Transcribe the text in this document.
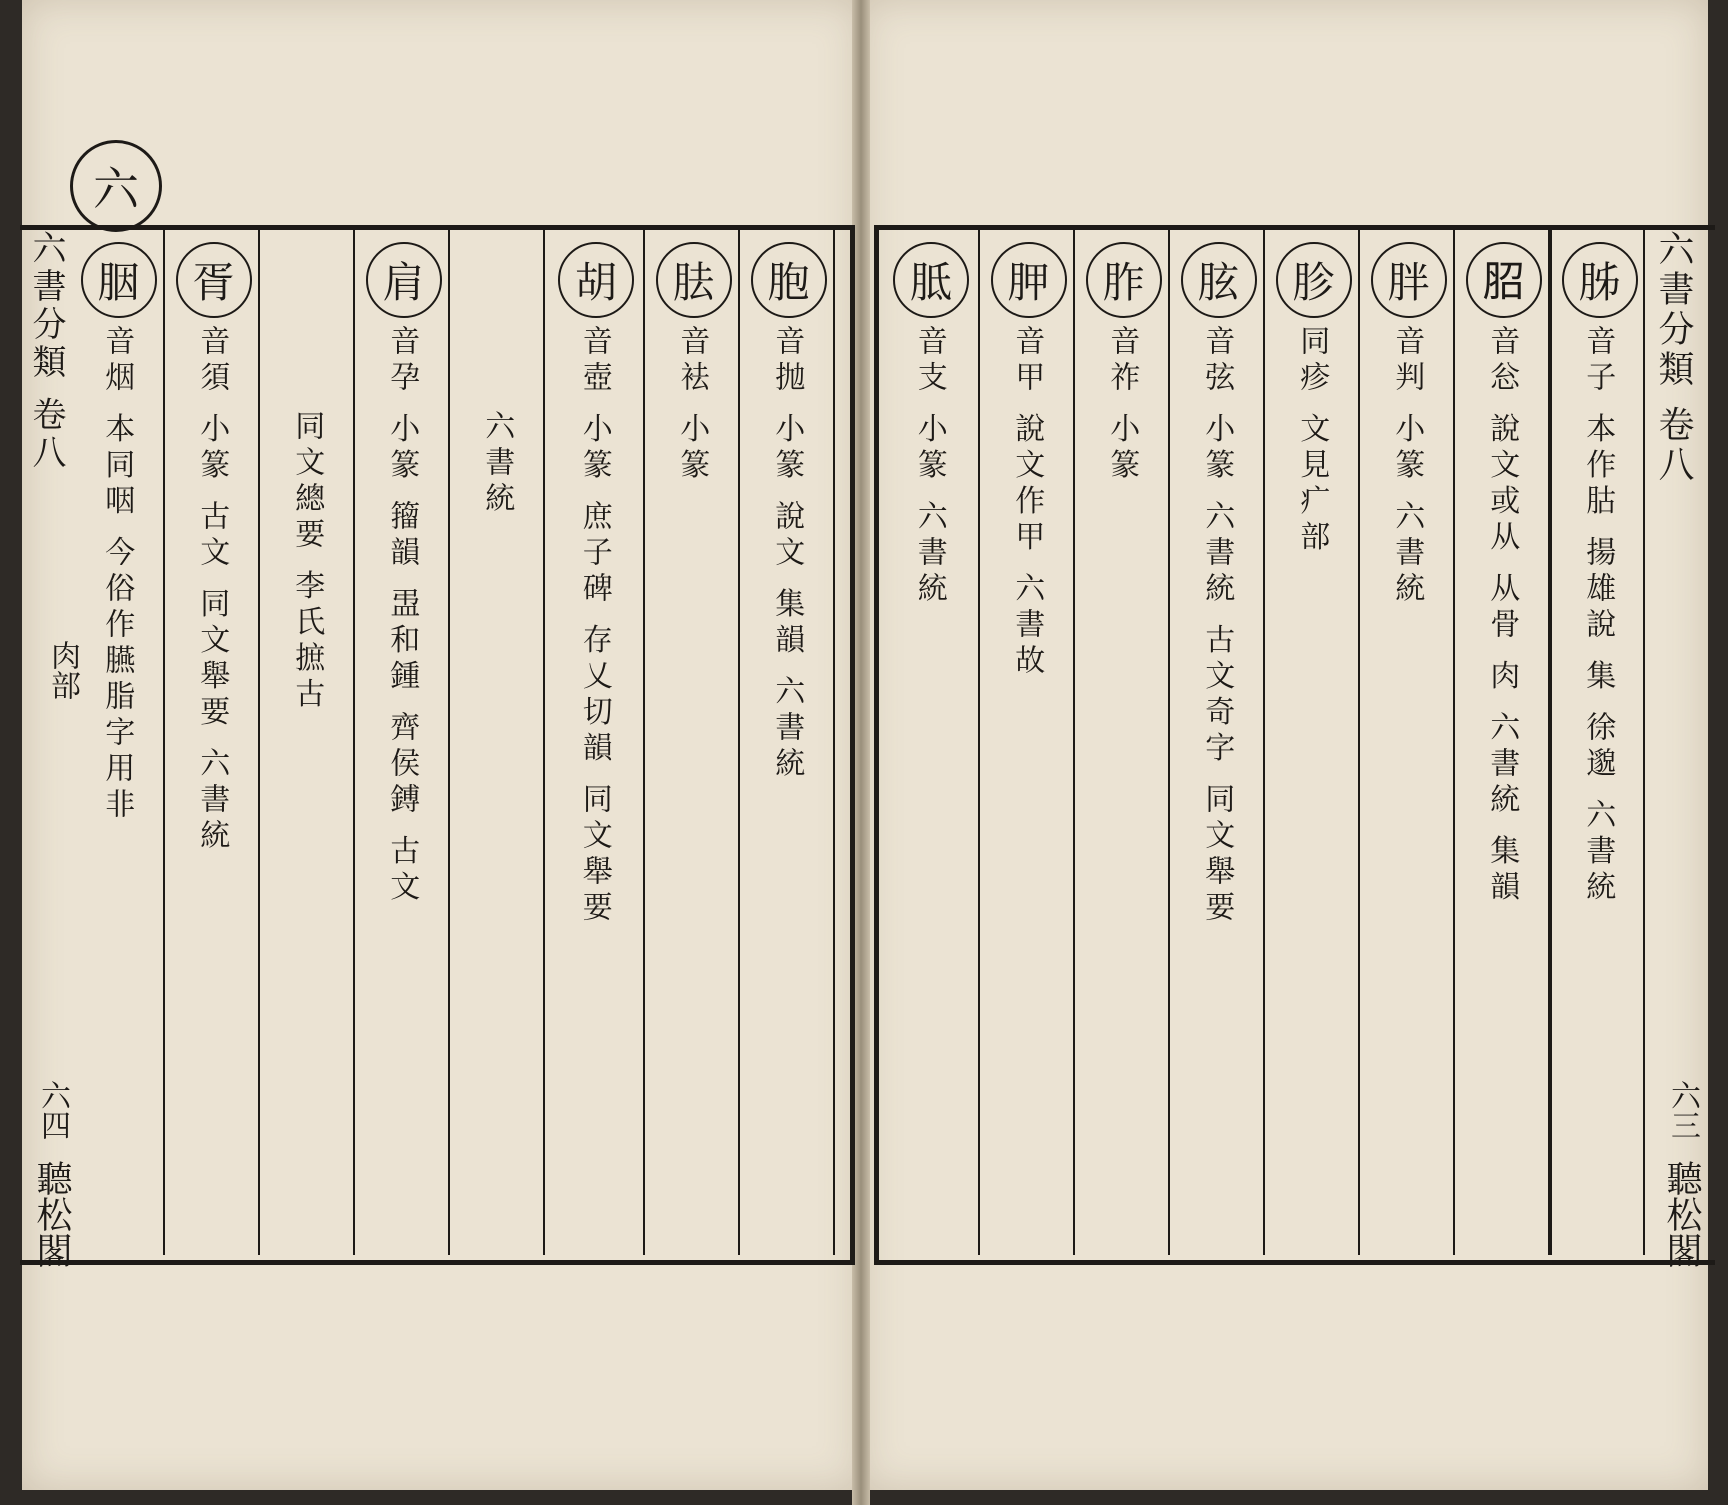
六
六書分類 卷八
肉部
六四
聽松閣
六書分類 卷八
六三
聽松閣
胞
音抛 小篆 說文 集韻 六書統
胠
音袪 小篆
胡
音壺 小篆 庶子碑 存乂切韻 同文舉要
六書統
肩
音孕 小篆 籀韻 盄和鍾 齊侯鎛 古文
同文總要 李氏摭古
胥
音須 小篆 古文 同文舉要 六書統
胭
音烟 本同咽 今俗作臙脂字用非
胏
音子 本作𦙶 揚雄說 集 徐邈 六書統
𦚔
音忩 說文或从 从骨 肉 六書統 集韻
胖
音判 小篆 六書統
胗
同疹 文見疒部
胘
音弦 小篆 六書統 古文奇字 同文舉要
胙
音祚 小篆
胛
音甲 說文作甲 六書故
胝
音支 小篆 六書統
